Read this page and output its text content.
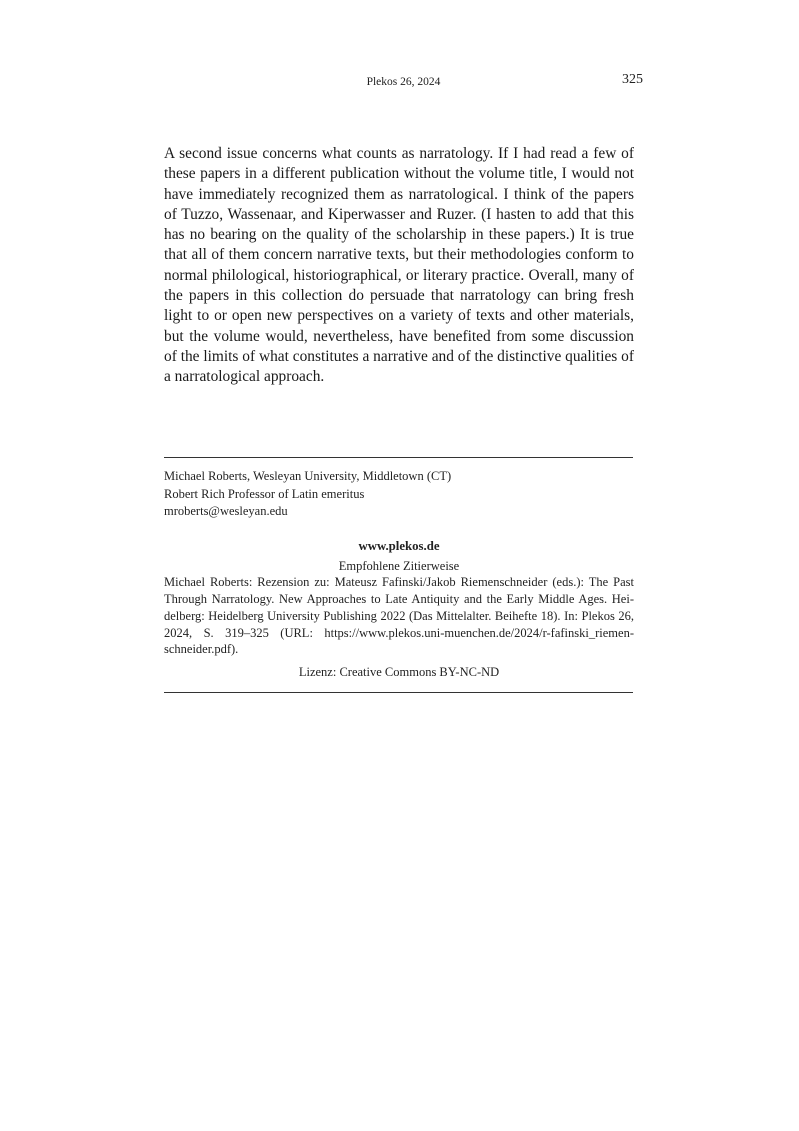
Plekos 26, 2024	325

A second issue concerns what counts as narratology. If I had read a few of these papers in a different publication without the volume title, I would not have immediately recognized them as narratological. I think of the papers of Tuzzo, Wassenaar, and Kiperwasser and Ruzer. (I hasten to add that this has no bearing on the quality of the scholarship in these papers.) It is true that all of them concern narrative texts, but their methodologies conform to normal philological, historiographical, or literary practice. Overall, many of the papers in this collection do persuade that narratology can bring fresh light to or open new perspectives on a variety of texts and other materials, but the volume would, nevertheless, have benefited from some discussion of the limits of what constitutes a narrative and of the distinctive qualities of a narratological approach.

Michael Roberts, Wesleyan University, Middletown (CT)
Robert Rich Professor of Latin emeritus
mroberts@wesleyan.edu
www.plekos.de
Empfohlene Zitierweise
Michael Roberts: Rezension zu: Mateusz Fafinski/Jakob Riemenschneider (eds.): The Past Through Narratology. New Approaches to Late Antiquity and the Early Middle Ages. Heidelberg: Heidelberg University Publishing 2022 (Das Mittelalter. Beihefte 18). In: Plekos 26, 2024, S. 319–325 (URL: https://www.plekos.uni-muenchen.de/2024/r-fafinski_riemenschneider.pdf).
Lizenz: Creative Commons BY-NC-ND
